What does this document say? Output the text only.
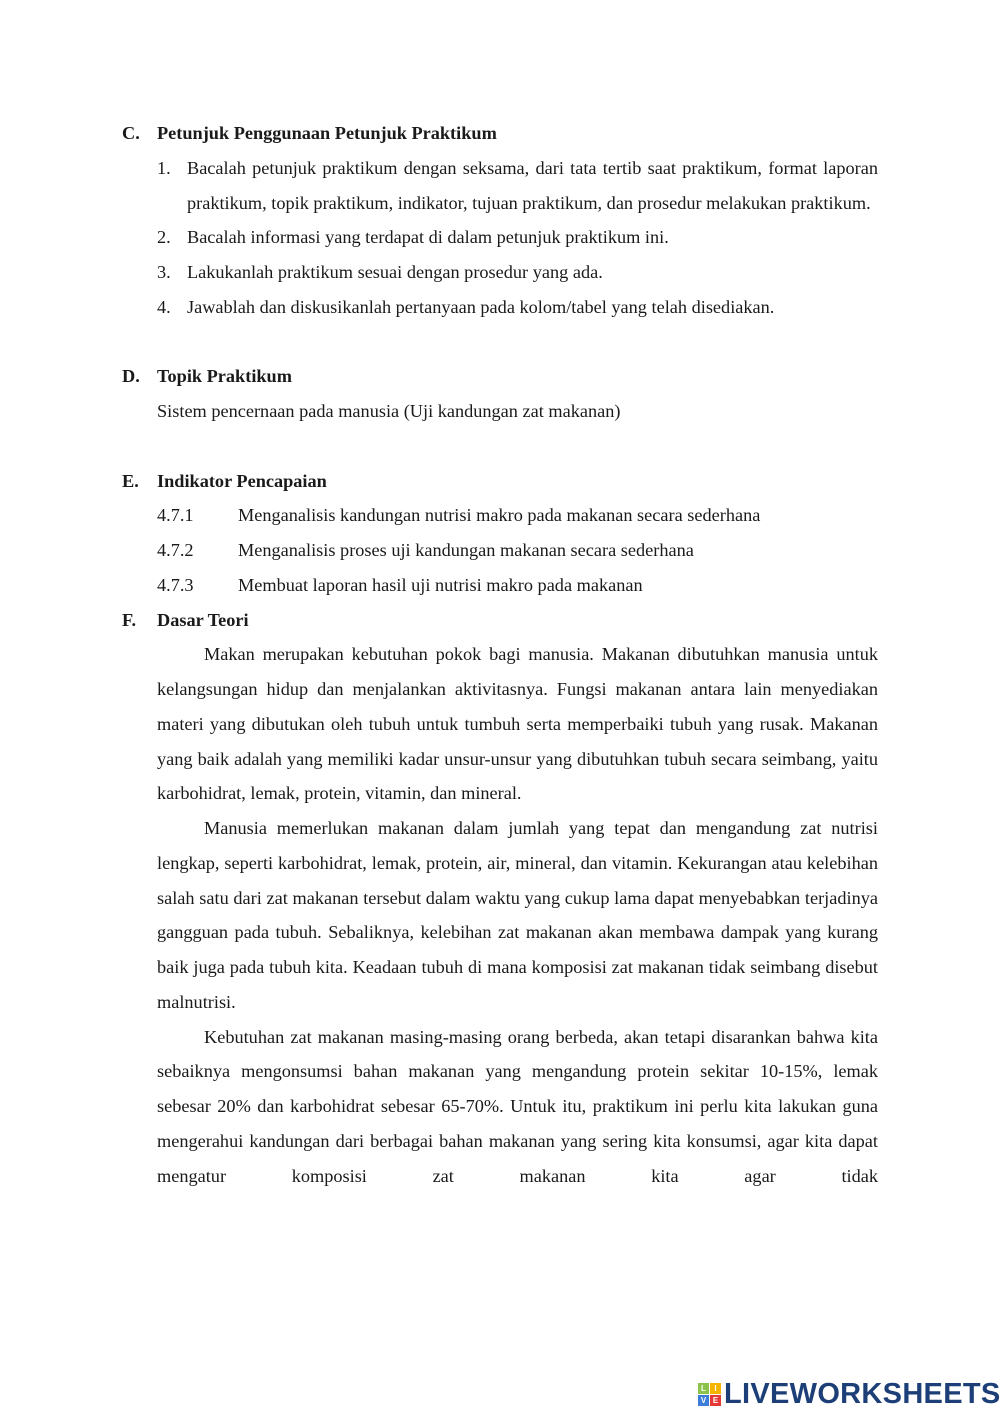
C. Petunjuk Penggunaan Petunjuk Praktikum
1. Bacalah petunjuk praktikum dengan seksama, dari tata tertib saat praktikum, format laporan praktikum, topik praktikum, indikator, tujuan praktikum, dan prosedur melakukan praktikum.
2. Bacalah informasi yang terdapat di dalam petunjuk praktikum ini.
3. Lakukanlah praktikum sesuai dengan prosedur yang ada.
4. Jawablah dan diskusikanlah pertanyaan pada kolom/tabel yang telah disediakan.
D. Topik Praktikum
Sistem pencernaan pada manusia (Uji kandungan zat makanan)
E. Indikator Pencapaian
4.7.1	Menganalisis kandungan nutrisi makro pada makanan secara sederhana
4.7.2	Menganalisis proses uji kandungan makanan secara sederhana
4.7.3	Membuat laporan hasil uji nutrisi makro pada makanan
F.	Dasar Teori
Makan merupakan kebutuhan pokok bagi manusia. Makanan dibutuhkan manusia untuk kelangsungan hidup dan menjalankan aktivitasnya. Fungsi makanan antara lain menyediakan materi yang dibutukan oleh tubuh untuk tumbuh serta memperbaiki tubuh yang rusak. Makanan yang baik adalah yang memiliki kadar unsur-unsur yang dibutuhkan tubuh secara seimbang, yaitu karbohidrat, lemak, protein, vitamin, dan mineral.
Manusia memerlukan makanan dalam jumlah yang tepat dan mengandung zat nutrisi lengkap, seperti karbohidrat, lemak, protein, air, mineral, dan vitamin. Kekurangan atau kelebihan salah satu dari zat makanan tersebut dalam waktu yang cukup lama dapat menyebabkan terjadinya gangguan pada tubuh. Sebaliknya, kelebihan zat makanan akan membawa dampak yang kurang baik juga pada tubuh kita. Keadaan tubuh di mana komposisi zat makanan tidak seimbang disebut malnutrisi.
Kebutuhan zat makanan masing-masing orang berbeda, akan tetapi disarankan bahwa kita sebaiknya mengonsumsi bahan makanan yang mengandung protein sekitar 10-15%, lemak sebesar 20% dan karbohidrat sebesar 65-70%. Untuk itu, praktikum ini perlu kita lakukan guna mengerahui kandungan dari berbagai bahan makanan yang sering kita konsumsi, agar kita dapat mengatur komposisi zat makanan kita agar tidak
L	I
V E LIVEWORKSHEETS
